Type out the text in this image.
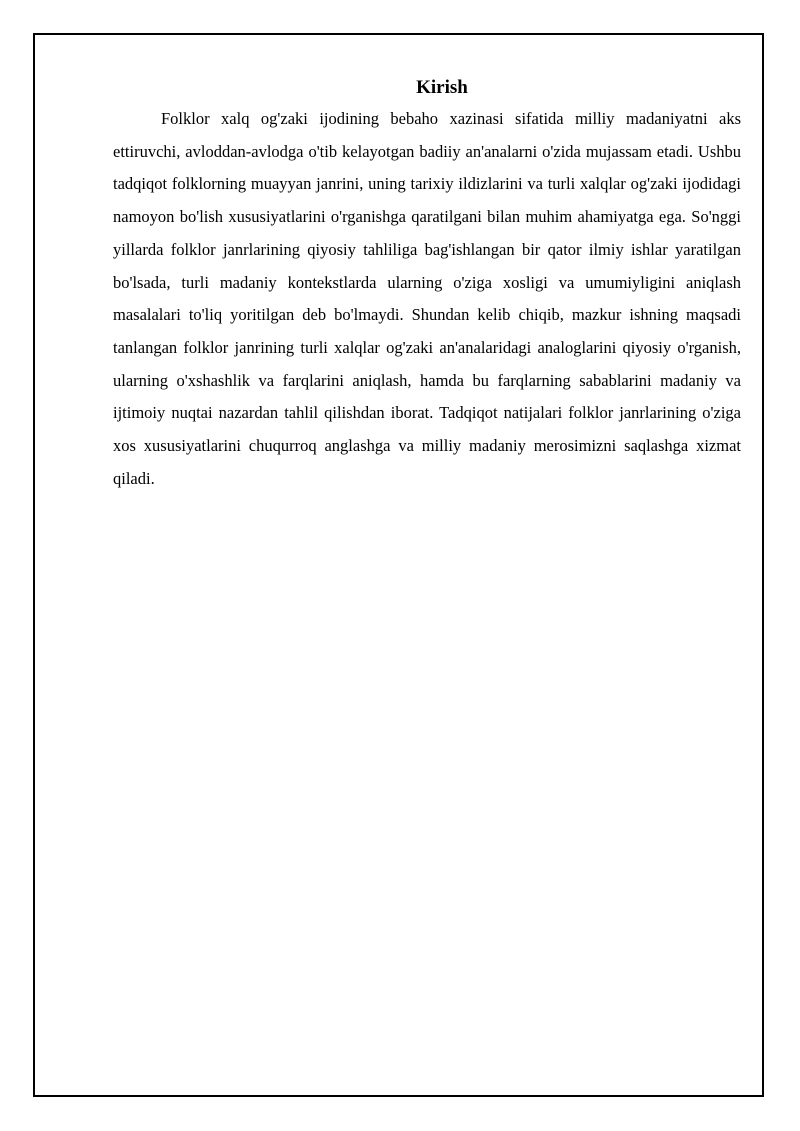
Kirish

Folklor xalq og'zaki ijodining bebaho xazinasi sifatida milliy madaniyatni aks ettiruvchi, avloddan-avlodga o'tib kelayotgan badiiy an'analarni o'zida mujassam etadi. Ushbu tadqiqot folklorning muayyan janrini, uning tarixiy ildizlarini va turli xalqlar og'zaki ijodidagi namoyon bo'lish xususiyatlarini o'rganishga qaratilgani bilan muhim ahamiyatga ega. So'nggi yillarda folklor janrlarining qiyosiy tahliliga bag'ishlangan bir qator ilmiy ishlar yaratilgan bo'lsada, turli madaniy kontekstlarda ularning o'ziga xosligi va umumiyligini aniqlash masalalari to'liq yoritilgan deb bo'lmaydi. Shundan kelib chiqib, mazkur ishning maqsadi tanlangan folklor janrining turli xalqlar og'zaki an'analaridagi analoglarini qiyosiy o'rganish, ularning o'xshashlik va farqlarini aniqlash, hamda bu farqlarning sabablarini madaniy va ijtimoiy nuqtai nazardan tahlil qilishdan iborat. Tadqiqot natijalari folklor janrlarining o'ziga xos xususiyatlarini chuqurroq anglashga va milliy madaniy merosimizni saqlashga xizmat qiladi.
